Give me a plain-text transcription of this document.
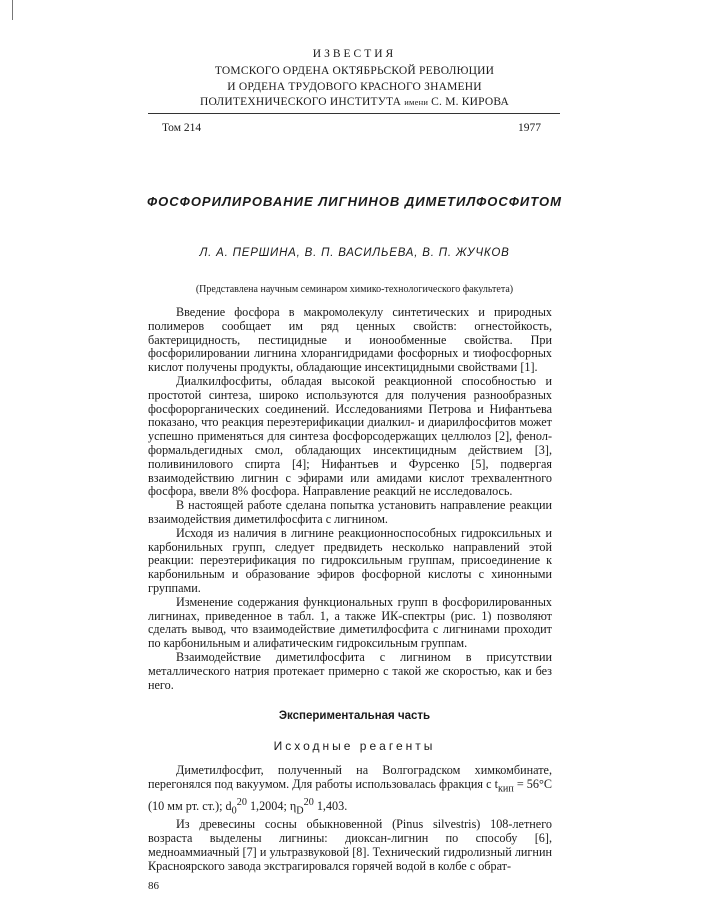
ИЗВЕСТИЯ
ТОМСКОГО ОРДЕНА ОКТЯБРЬСКОЙ РЕВОЛЮЦИИ
И ОРДЕНА ТРУДОВОГО КРАСНОГО ЗНАМЕНИ
ПОЛИТЕХНИЧЕСКОГО ИНСТИТУТА имени С. М. КИРОВА
Том 214	1977
ФОСФОРИЛИРОВАНИЕ ЛИГНИНОВ ДИМЕТИЛФОСФИТОМ
Л. А. ПЕРШИНА, В. П. ВАСИЛЬЕВА, В. П. ЖУЧКОВ
(Представлена научным семинаром химико-технологического факультета)

Введение фосфора в макромолекулу синтетических и природных полимеров сообщает им ряд ценных свойств: огнестойкость, бактерицидность, пестицидные и ионообменные свойства. При фосфорилировании лигнина хлорангидридами фосфорных и тиофосфорных кислот получены продукты, обладающие инсектицидными свойствами [1].

Диалкилфосфиты, обладая высокой реакционной способностью и простотой синтеза, широко используются для получения разнообразных фосфорорганических соединений. Исследованиями Петрова и Нифантьева показано, что реакция переэтерификации диалкил- и диарилфосфитов может успешно применяться для синтеза фосфорсодержащих целлюлоз [2], фенол-формальдегидных смол, обладающих инсектицидным действием [3], поливинилового спирта [4]; Нифантьев и Фурсенко [5], подвергая взаимодействию лигнин с эфирами или амидами кислот трехвалентного фосфора, ввели 8% фосфора. Направление реакций не исследовалось.

В настоящей работе сделана попытка установить направление реакции взаимодействия диметилфосфита с лигнином.

Исходя из наличия в лигнине реакционноспособных гидроксильных и карбонильных групп, следует предвидеть несколько направлений этой реакции: переэтерификация по гидроксильным группам, присоединение к карбонильным и образование эфиров фосфорной кислоты с хинонными группами.

Изменение содержания функциональных групп в фосфорилированных лигнинах, приведенное в табл. 1, а также ИК-спектры (рис. 1) позволяют сделать вывод, что взаимодействие диметилфосфита с лигнинами проходит по карбонильным и алифатическим гидроксильным группам.

Взаимодействие диметилфосфита с лигнином в присутствии металлического натрия протекает примерно с такой же скоростью, как и без него.

Экспериментальная часть
Исходные реагенты

Диметилфосфит, полученный на Волгоградском химкомбинате, перегонялся под вакуумом. Для работы использовалась фракция с $t_{кип} = 56^\circ C$ (10 мм рт. ст.); $d_0^{20}$ 1,2004; $\eta_D^{20}$ 1,403.

Из древесины сосны обыкновенной (Pinus silvestris) 108-летнего возраста выделены лигнины: диоксан-лигнин по способу [6], медноаммиачный [7] и ультразвуковой [8]. Технический гидролизный лигнин Красноярского завода экстрагировался горячей водой в колбе с обрат-

86
